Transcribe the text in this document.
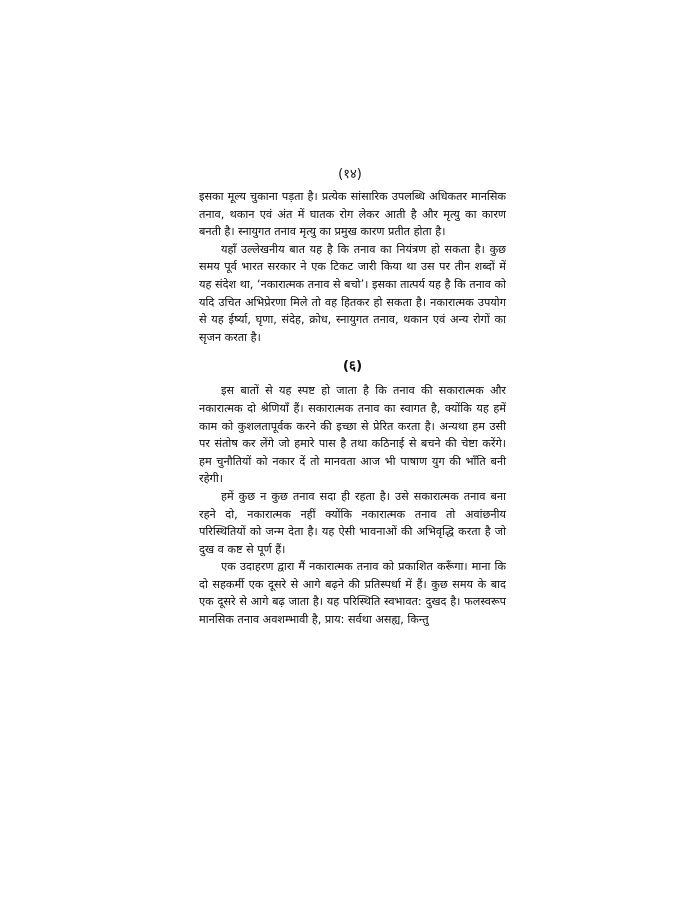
(१४)

इसका मूल्य चुकाना पड़ता है। प्रत्येक सांसारिक उपलब्धि अधिकतर मानसिक तनाव, थकान एवं अंत में घातक रोग लेकर आती है और मृत्यु का कारण बनती है। स्नायुगत तनाव मृत्यु का प्रमुख कारण प्रतीत होता है।

यहाँ उल्लेखनीय बात यह है कि तनाव का नियंत्रण हो सकता है। कुछ समय पूर्व भारत सरकार ने एक टिकट जारी किया था उस पर तीन शब्दों में यह संदेश था, ‘नकारात्मक तनाव से बचो’। इसका तात्पर्य यह है कि तनाव को यदि उचित अभिप्रेरणा मिले तो वह हितकर हो सकता है। नकारात्मक उपयोग से यह ईर्ष्या, घृणा, संदेह, क्रोध, स्नायुगत तनाव, थकान एवं अन्य रोगों का सृजन करता है।

(६)

इस बातों से यह स्पष्ट हो जाता है कि तनाव की सकारात्मक और नकारात्मक दो श्रेणियाँ हैं। सकारात्मक तनाव का स्वागत है, क्योंकि यह हमें काम को कुशलतापूर्वक करने की इच्छा से प्रेरित करता है। अन्यथा हम उसी पर संतोष कर लेंगे जो हमारे पास है तथा कठिनाई से बचने की चेष्टा करेंगे। हम चुनौतियों को नकार दें तो मानवता आज भी पाषाण युग की भाँति बनी रहेगी।

हमें कुछ न कुछ तनाव सदा ही रहता है। उसे सकारात्मक तनाव बना रहने दो, नकारात्मक नहीं क्योंकि नकारात्मक तनाव तो अवांछनीय परिस्थितियों को जन्म देता है। यह ऐसी भावनाओं की अभिवृद्धि करता है जो दुख व कष्ट से पूर्ण हैं।

एक उदाहरण द्वारा मैं नकारात्मक तनाव को प्रकाशित करूँगा। माना कि दो सहकर्मी एक दूसरे से आगे बढ़ने की प्रतिस्पर्धा में हैं। कुछ समय के बाद एक दूसरे से आगे बढ़ जाता है। यह परिस्थिति स्वभावत: दुखद है। फलस्वरूप मानसिक तनाव अवशम्भावी है, प्राय: सर्वथा असह्य, किन्तु
